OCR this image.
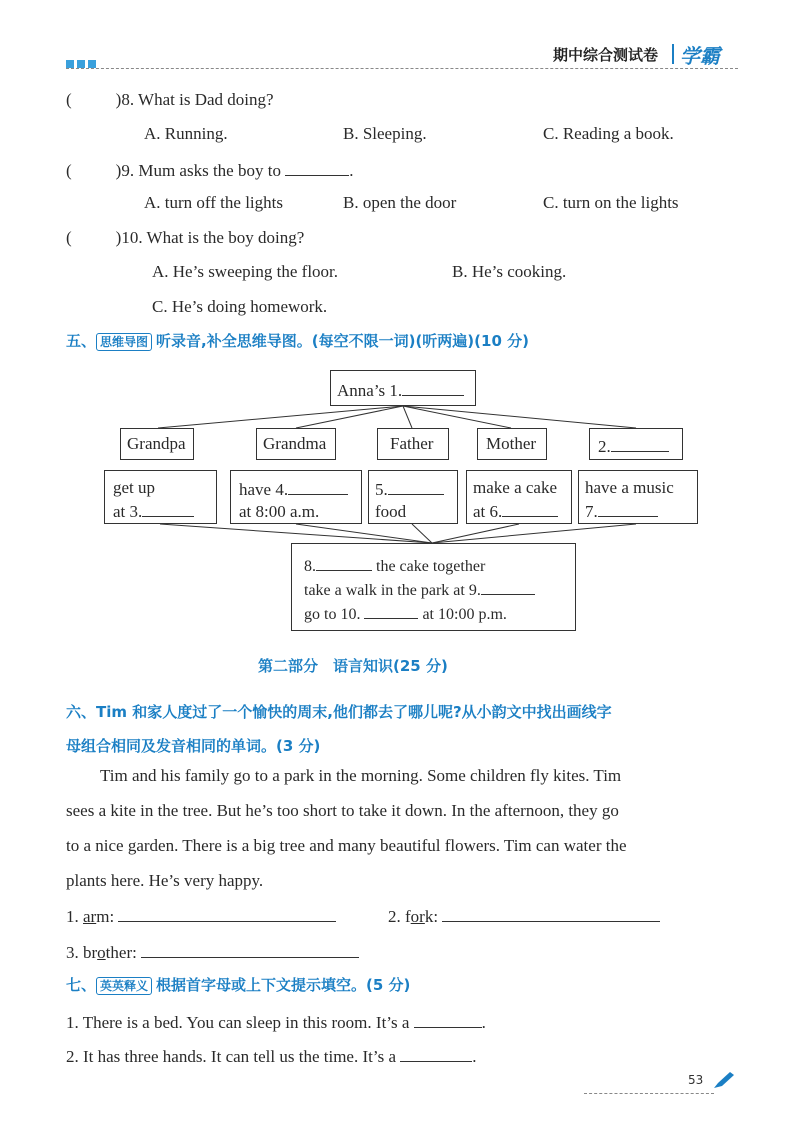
期中综合测试卷 学霸
(	)8. What is Dad doing?
A. Running.	B. Sleeping.	C. Reading a book.
(	)9. Mum asks the boy to	.
A. turn off the lights	B. open the door	C. turn on the lights
(	)10. What is the boy doing?
A. He’s sweeping the floor.	B. He’s cooking.
C. He’s doing homework.
五、 思维导图 听录音,补全思维导图。(每空不限一词)(听两遍)(10 分)
Anna’s 1.
Grandpa	Grandma	Father	Mother	2.
get up
at 3.
have 4.
at 8:00 a.m.
5.
food
make a cake
at 6.
have a music
7.
8.	the cake together
take a walk in the park at 9.
go to 10.	at 10:00 p.m.
第二部分　语言知识(25 分)
六、Tim 和家人度过了一个愉快的周末,他们都去了哪儿呢?从小韵文中找出画线字
母组合相同及发音相同的单词。(3 分)
Tim and his family go to a park in the morning. Some children fly kites. Tim
sees a kite in the tree. But he’s too short to take it down. In the afternoon, they go
to a nice garden. There is a big tree and many beautiful flowers. Tim can water the
plants here. He’s very happy.
1. arm:	2. fork:
3. brother:
七、 英英释义 根据首字母或上下文提示填空。(5 分)
1. There is a bed. You can sleep in this room. It’s a	.
2. It has three hands. It can tell us the time. It’s a	.
53
